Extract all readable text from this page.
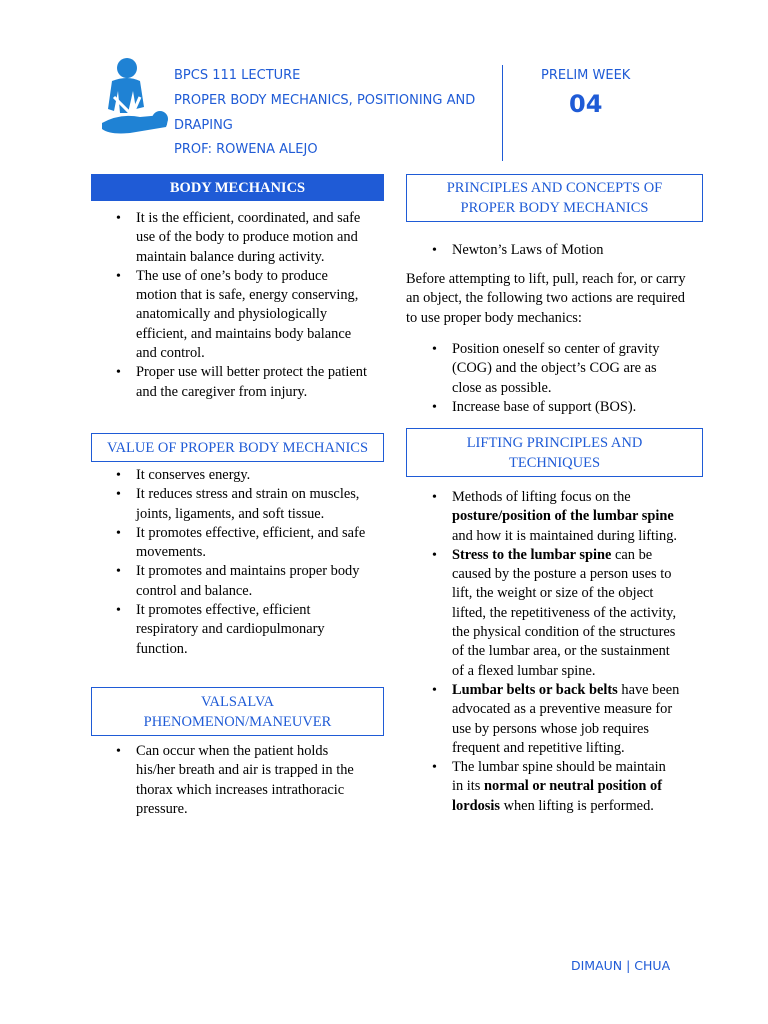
BPCS 111 LECTURE
PROPER BODY MECHANICS, POSITIONING AND
DRAPING
PROF: ROWENA ALEJO
PRELIM WEEK
04
BODY MECHANICS
• It is the efficient, coordinated, and safe use of the body to produce motion and maintain balance during activity.
• The use of one’s body to produce motion that is safe, energy conserving, anatomically and physiologically efficient, and maintains body balance and control.
• Proper use will better protect the patient and the caregiver from injury.
VALUE OF PROPER BODY MECHANICS
• It conserves energy.
• It reduces stress and strain on muscles, joints, ligaments, and soft tissue.
• It promotes effective, efficient, and safe movements.
• It promotes and maintains proper body control and balance.
• It promotes effective, efficient respiratory and cardiopulmonary function.
VALSALVA
PHENOMENON/MANEUVER
• Can occur when the patient holds his/her breath and air is trapped in the thorax which increases intrathoracic pressure.
PRINCIPLES AND CONCEPTS OF
PROPER BODY MECHANICS
• Newton’s Laws of Motion

Before attempting to lift, pull, reach for, or carry an object, the following two actions are required to use proper body mechanics:

• Position oneself so center of gravity (COG) and the object’s COG are as close as possible.
• Increase base of support (BOS).
LIFTING PRINCIPLES AND
TECHNIQUES
• Methods of lifting focus on the posture/position of the lumbar spine and how it is maintained during lifting.
• Stress to the lumbar spine can be caused by the posture a person uses to lift, the weight or size of the object lifted, the repetitiveness of the activity, the physical condition of the structures of the lumbar area, or the sustainment of a flexed lumbar spine.
• Lumbar belts or back belts have been advocated as a preventive measure for use by persons whose job requires frequent and repetitive lifting.
• The lumbar spine should be maintain in its normal or neutral position of lordosis when lifting is performed.
DIMAUN | CHUA
